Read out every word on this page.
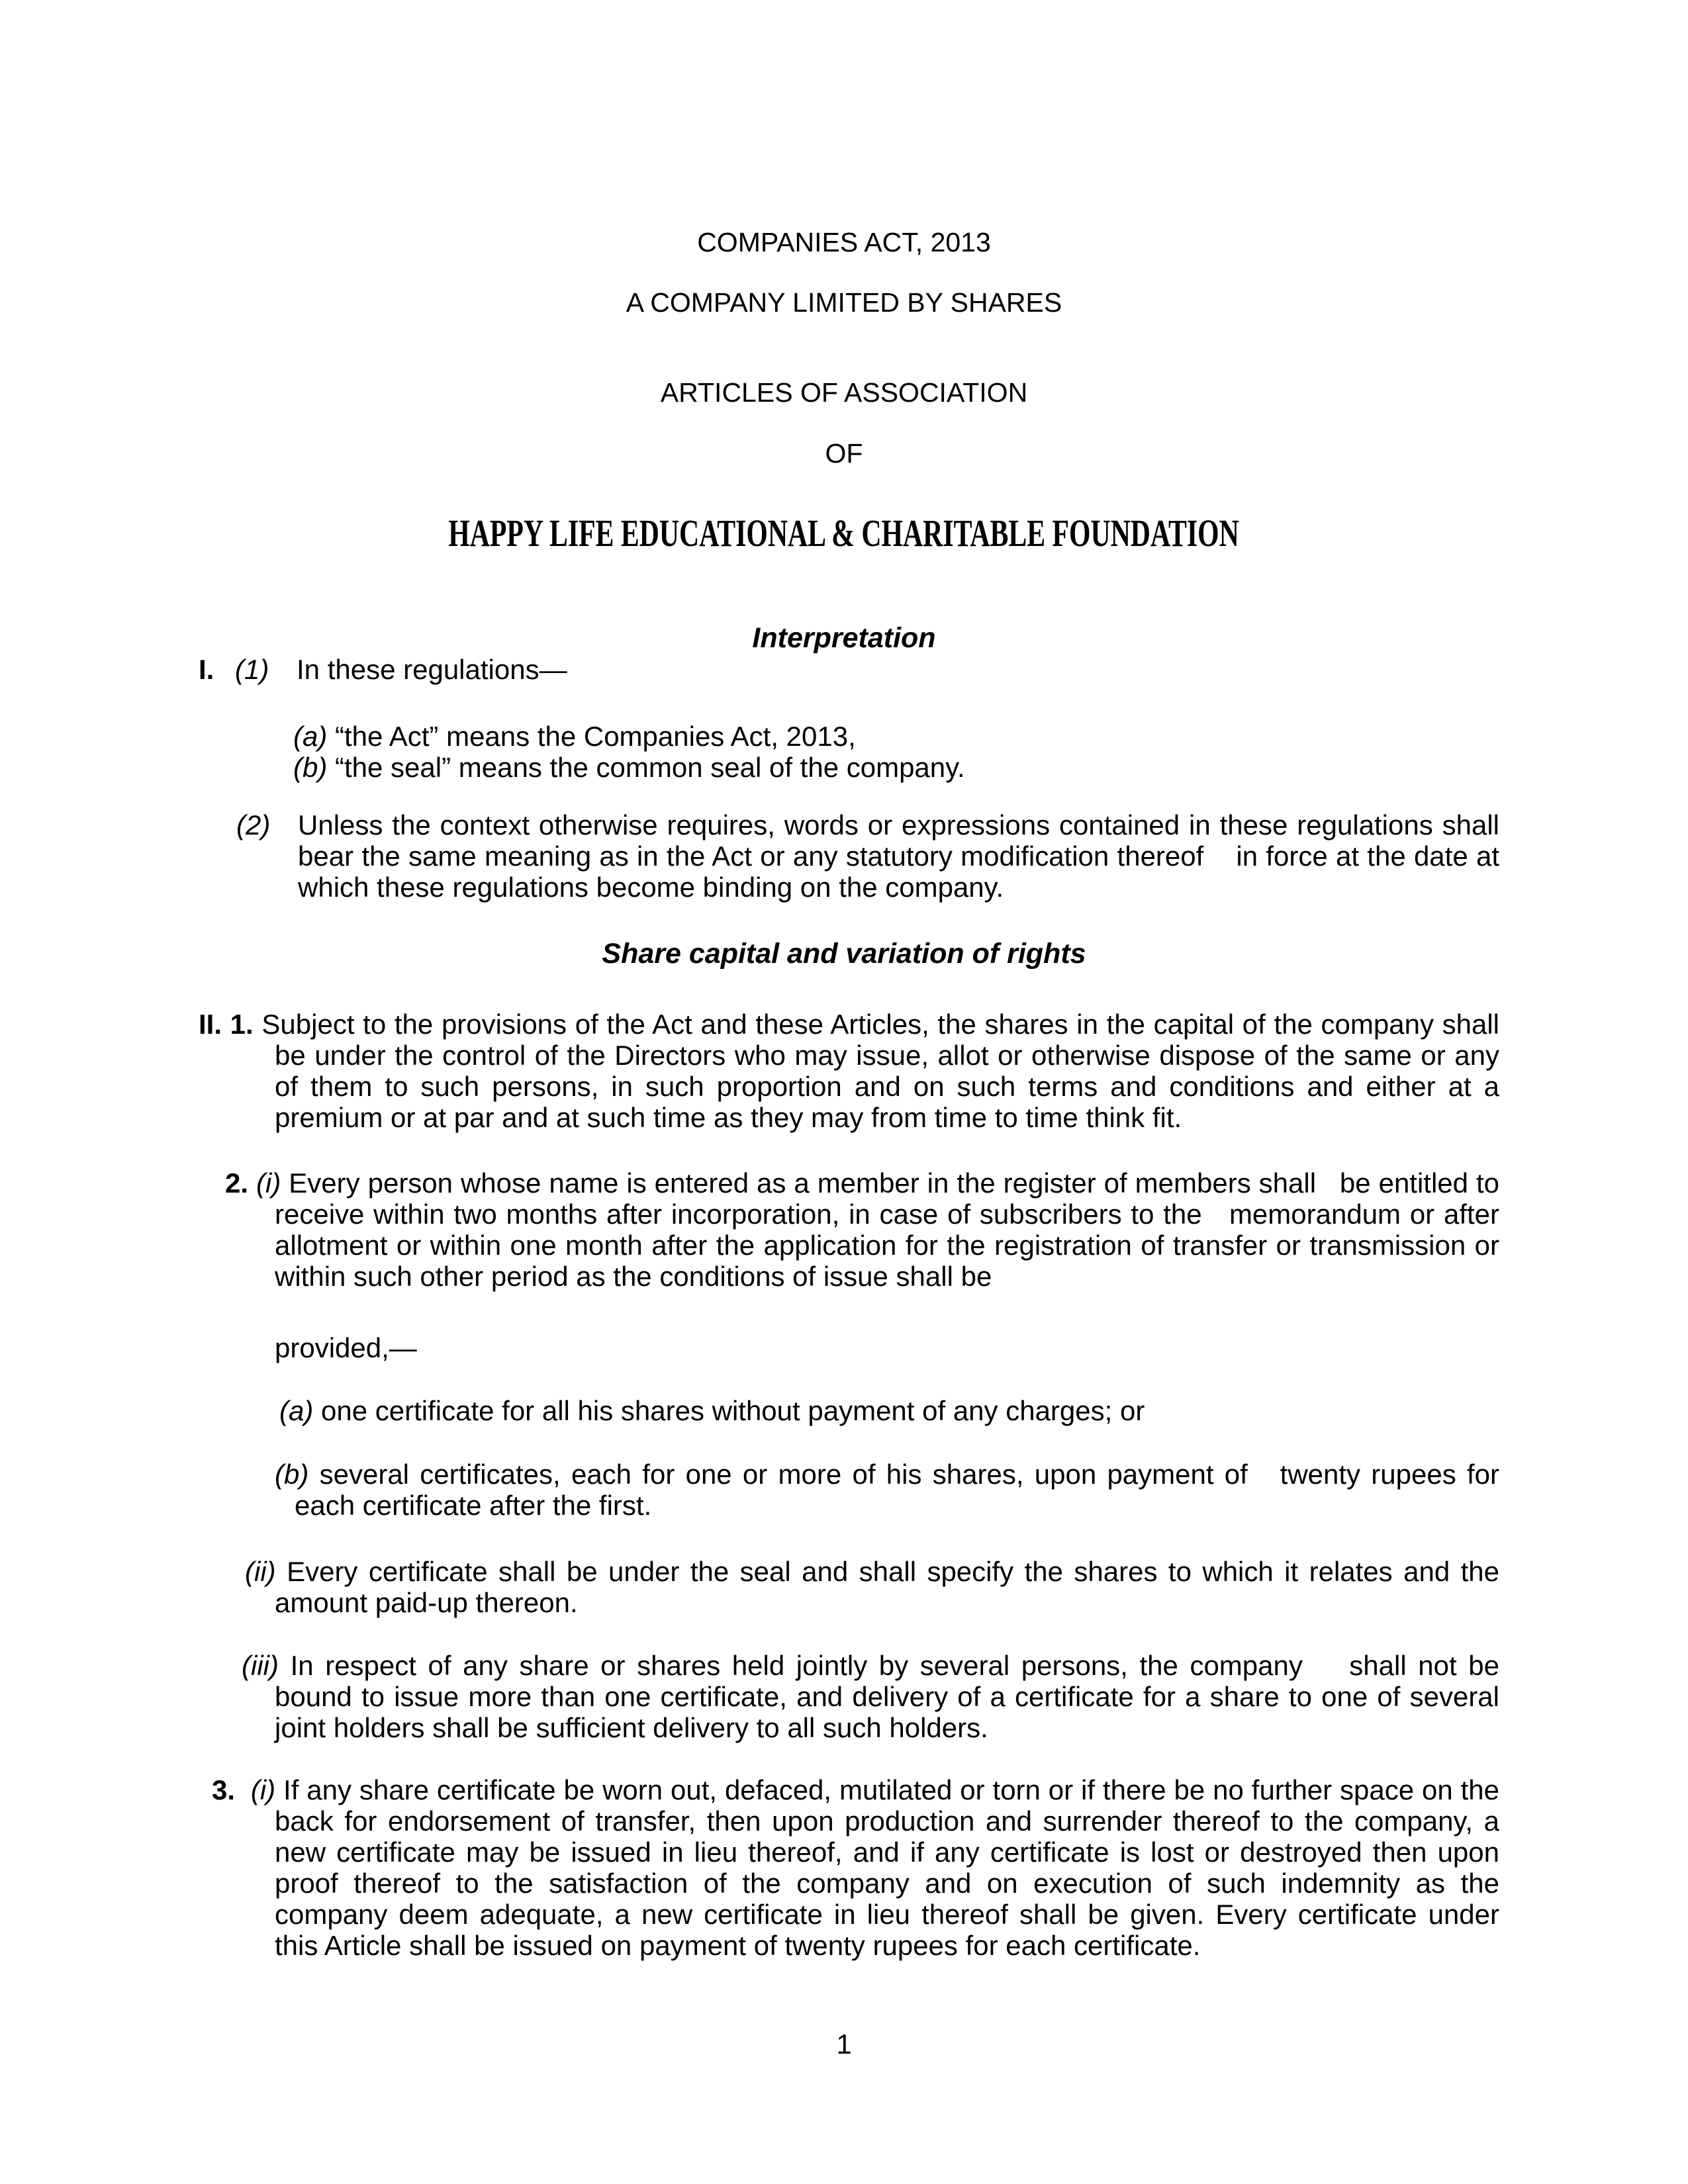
COMPANIES ACT, 2013
A COMPANY LIMITED BY SHARES
ARTICLES OF ASSOCIATION
OF
HAPPY LIFE EDUCATIONAL & CHARITABLE FOUNDATION
Interpretation

I. (1) In these regulations—

(a) “the Act” means the Companies Act, 2013,

(b) “the seal” means the common seal of the company.

(2) Unless the context otherwise requires, words or expressions contained in these regulations shall bear the same meaning as in the Act or any statutory modification thereof    in force at the date at which these regulations become binding on the company.

Share capital and variation of rights

II. 1. Subject to the provisions of the Act and these Articles, the shares in the capital of the company shall be under the control of the Directors who may issue, allot or otherwise dispose of the same or any of them to such persons, in such proportion and on such terms and conditions and either at a premium or at par and at such time as they may from time to time think fit.

2. (i) Every person whose name is entered as a member in the register of members shall   be entitled to receive within two months after incorporation, in case of subscribers to the   memorandum or after allotment or within one month after the application for the registration of transfer or transmission or within such other period as the conditions of issue shall be

provided,—

(a) one certificate for all his shares without payment of any charges; or

(b) several certificates, each for one or more of his shares, upon payment of   twenty rupees for each certificate after the first.

(ii) Every certificate shall be under the seal and shall specify the shares to which it relates and the amount paid-up thereon.

(iii) In respect of any share or shares held jointly by several persons, the company    shall not be bound to issue more than one certificate, and delivery of a certificate for a share to one of several joint holders shall be sufficient delivery to all such holders.

3. (i) If any share certificate be worn out, defaced, mutilated or torn or if there be no further space on the back for endorsement of transfer, then upon production and surrender thereof to the company, a new certificate may be issued in lieu thereof, and if any certificate is lost or destroyed then upon proof thereof to the satisfaction of the company and on execution of such indemnity as the company deem adequate, a new certificate in lieu thereof shall be given. Every certificate under this Article shall be issued on payment of twenty rupees for each certificate.

1
